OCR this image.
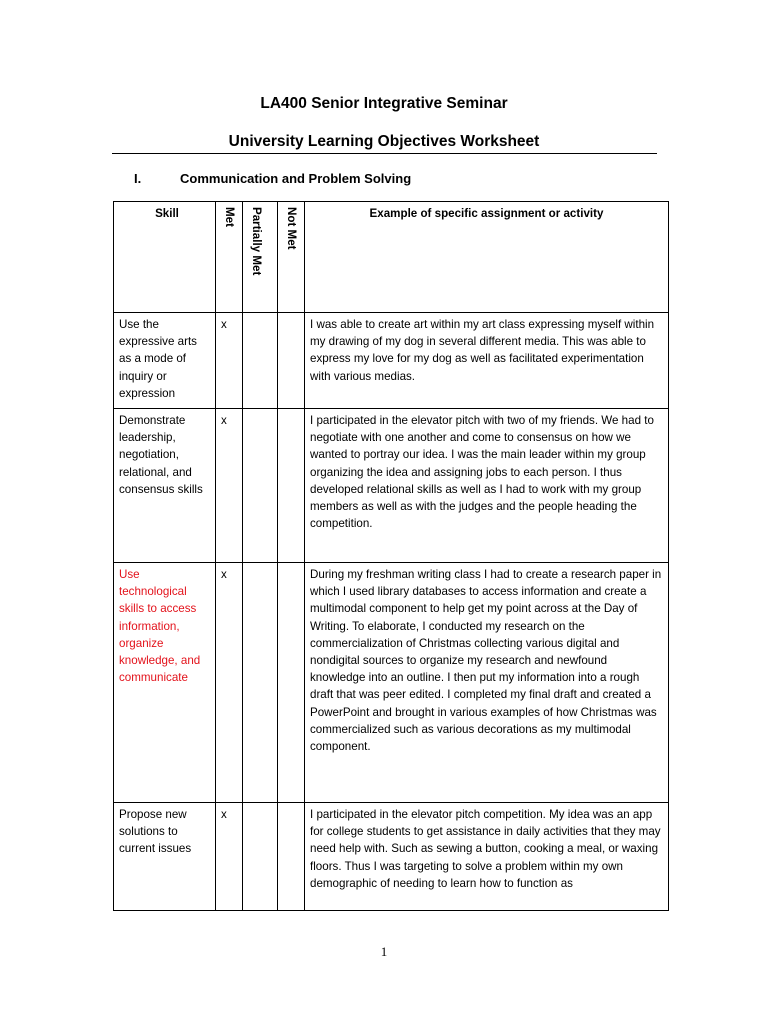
LA400 Senior Integrative Seminar
University Learning Objectives Worksheet
I.	Communication and Problem Solving
Skill	Met	Partially Met	Not Met	Example of specific assignment or activity
Use the expressive arts as a mode of inquiry or expression	x			I was able to create art within my art class expressing myself within my drawing of my dog in several different media. This was able to express my love for my dog as well as facilitated experimentation with various medias.
Demonstrate leadership, negotiation, relational, and consensus skills	x			I participated in the elevator pitch with two of my friends. We had to negotiate with one another and come to consensus on how we wanted to portray our idea. I was the main leader within my group organizing the idea and assigning jobs to each person. I thus developed relational skills as well as I had to work with my group members as well as with the judges and the people heading the competition.
Use technological skills to access information, organize knowledge, and communicate	x			During my freshman writing class I had to create a research paper in which I used library databases to access information and create a multimodal component to help get my point across at the Day of Writing. To elaborate, I conducted my research on the commercialization of Christmas collecting various digital and nondigital sources to organize my research and newfound knowledge into an outline. I then put my information into a rough draft that was peer edited. I completed my final draft and created a PowerPoint and brought in various examples of how Christmas was commercialized such as various decorations as my multimodal component.
Propose new solutions to current issues	x			I participated in the elevator pitch competition. My idea was an app for college students to get assistance in daily activities that they may need help with. Such as sewing a button, cooking a meal, or waxing floors. Thus I was targeting to solve a problem within my own demographic of needing to learn how to function as
1
